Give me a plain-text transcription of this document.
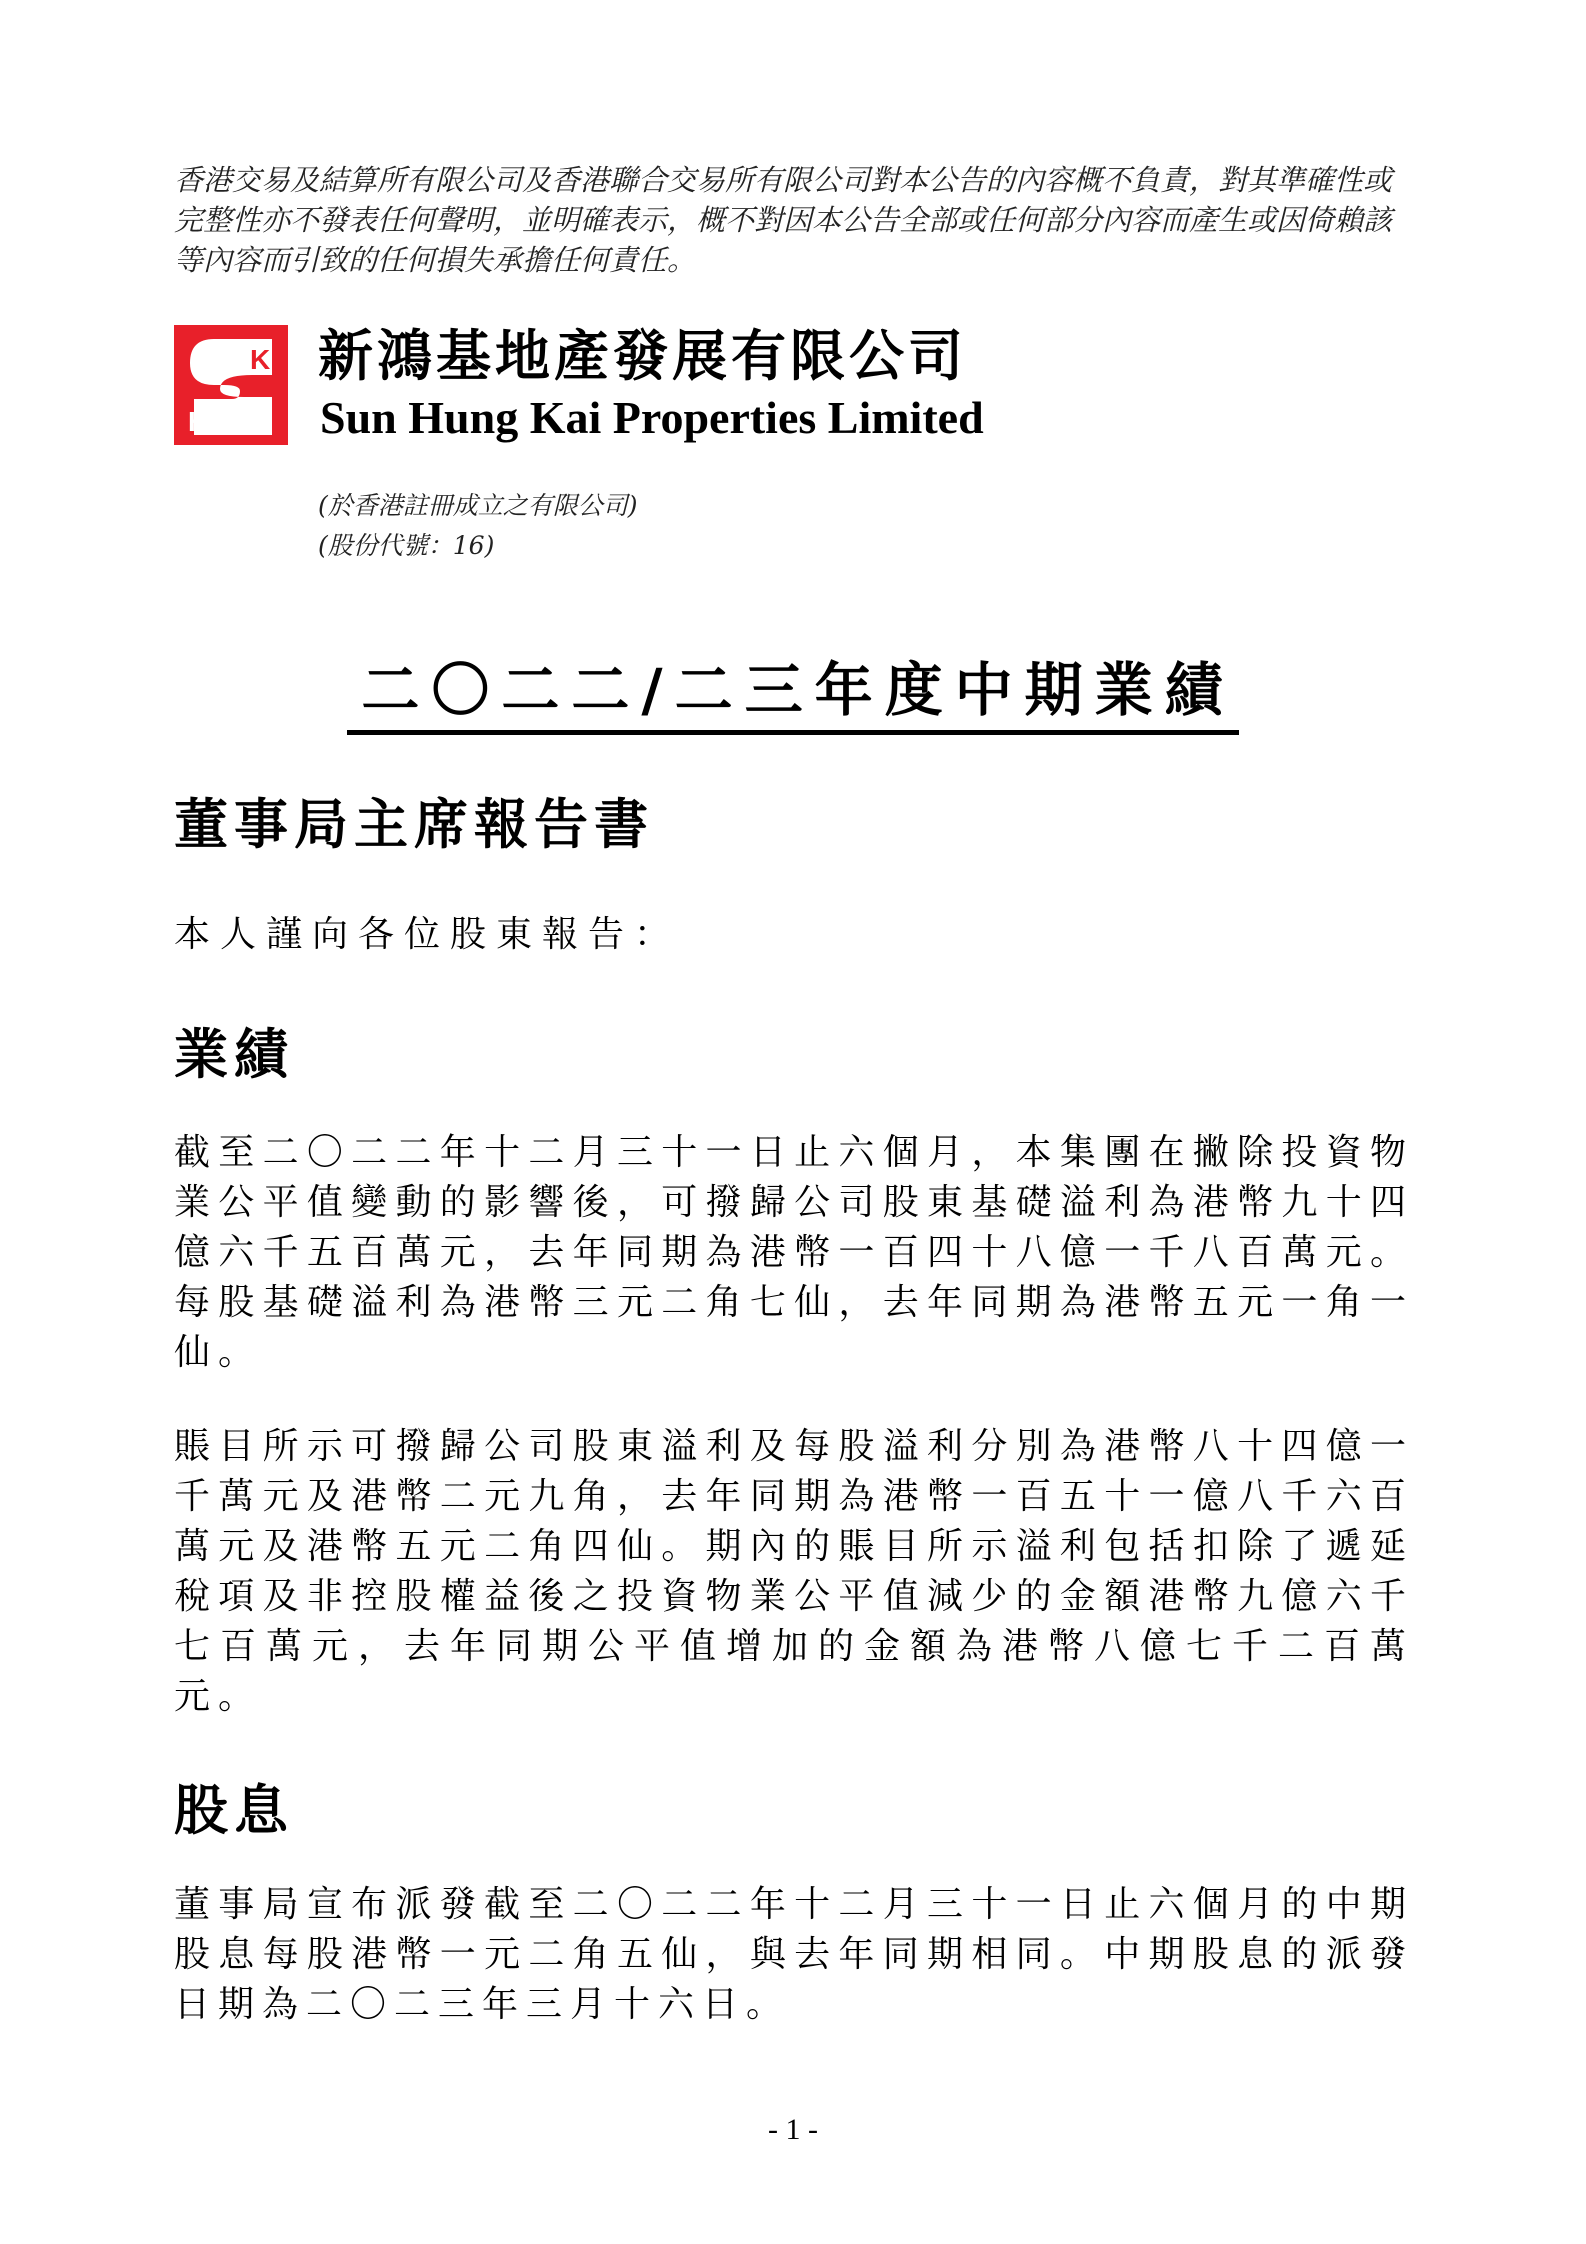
香港交易及結算所有限公司及香港聯合交易所有限公司對本公告的內容概不負責，對其準確性或

完整性亦不發表任何聲明，並明確表示，概不對因本公告全部或任何部分內容而產生或因倚賴該

等內容而引致的任何損失承擔任何責任。

K
H
新鴻基地產發展有限公司
Sun Hung Kai Properties Limited

(於香港註冊成立之有限公司)

(股份代號：16)

二〇二二/二三年度中期業績
董事局主席報告書
本人謹向各位股東報告：
業績

截至二〇二二年十二月三十一日止六個月，本集團在撇除投資物業公平值變動的影響後，可撥歸公司股東基礎溢利為港幣九十四億六千五百萬元，去年同期為港幣一百四十八億一千八百萬元。每股基礎溢利為港幣三元二角七仙，去年同期為港幣五元一角一仙。

賬目所示可撥歸公司股東溢利及每股溢利分別為港幣八十四億一千萬元及港幣二元九角，去年同期為港幣一百五十一億八千六百萬元及港幣五元二角四仙。期內的賬目所示溢利包括扣除了遞延稅項及非控股權益後之投資物業公平值減少的金額港幣九億六千七百萬元，去年同期公平值增加的金額為港幣八億七千二百萬元。

股息

董事局宣布派發截至二〇二二年十二月三十一日止六個月的中期股息每股港幣一元二角五仙，與去年同期相同。中期股息的派發日期為二〇二三年三月十六日。

- 1 -
